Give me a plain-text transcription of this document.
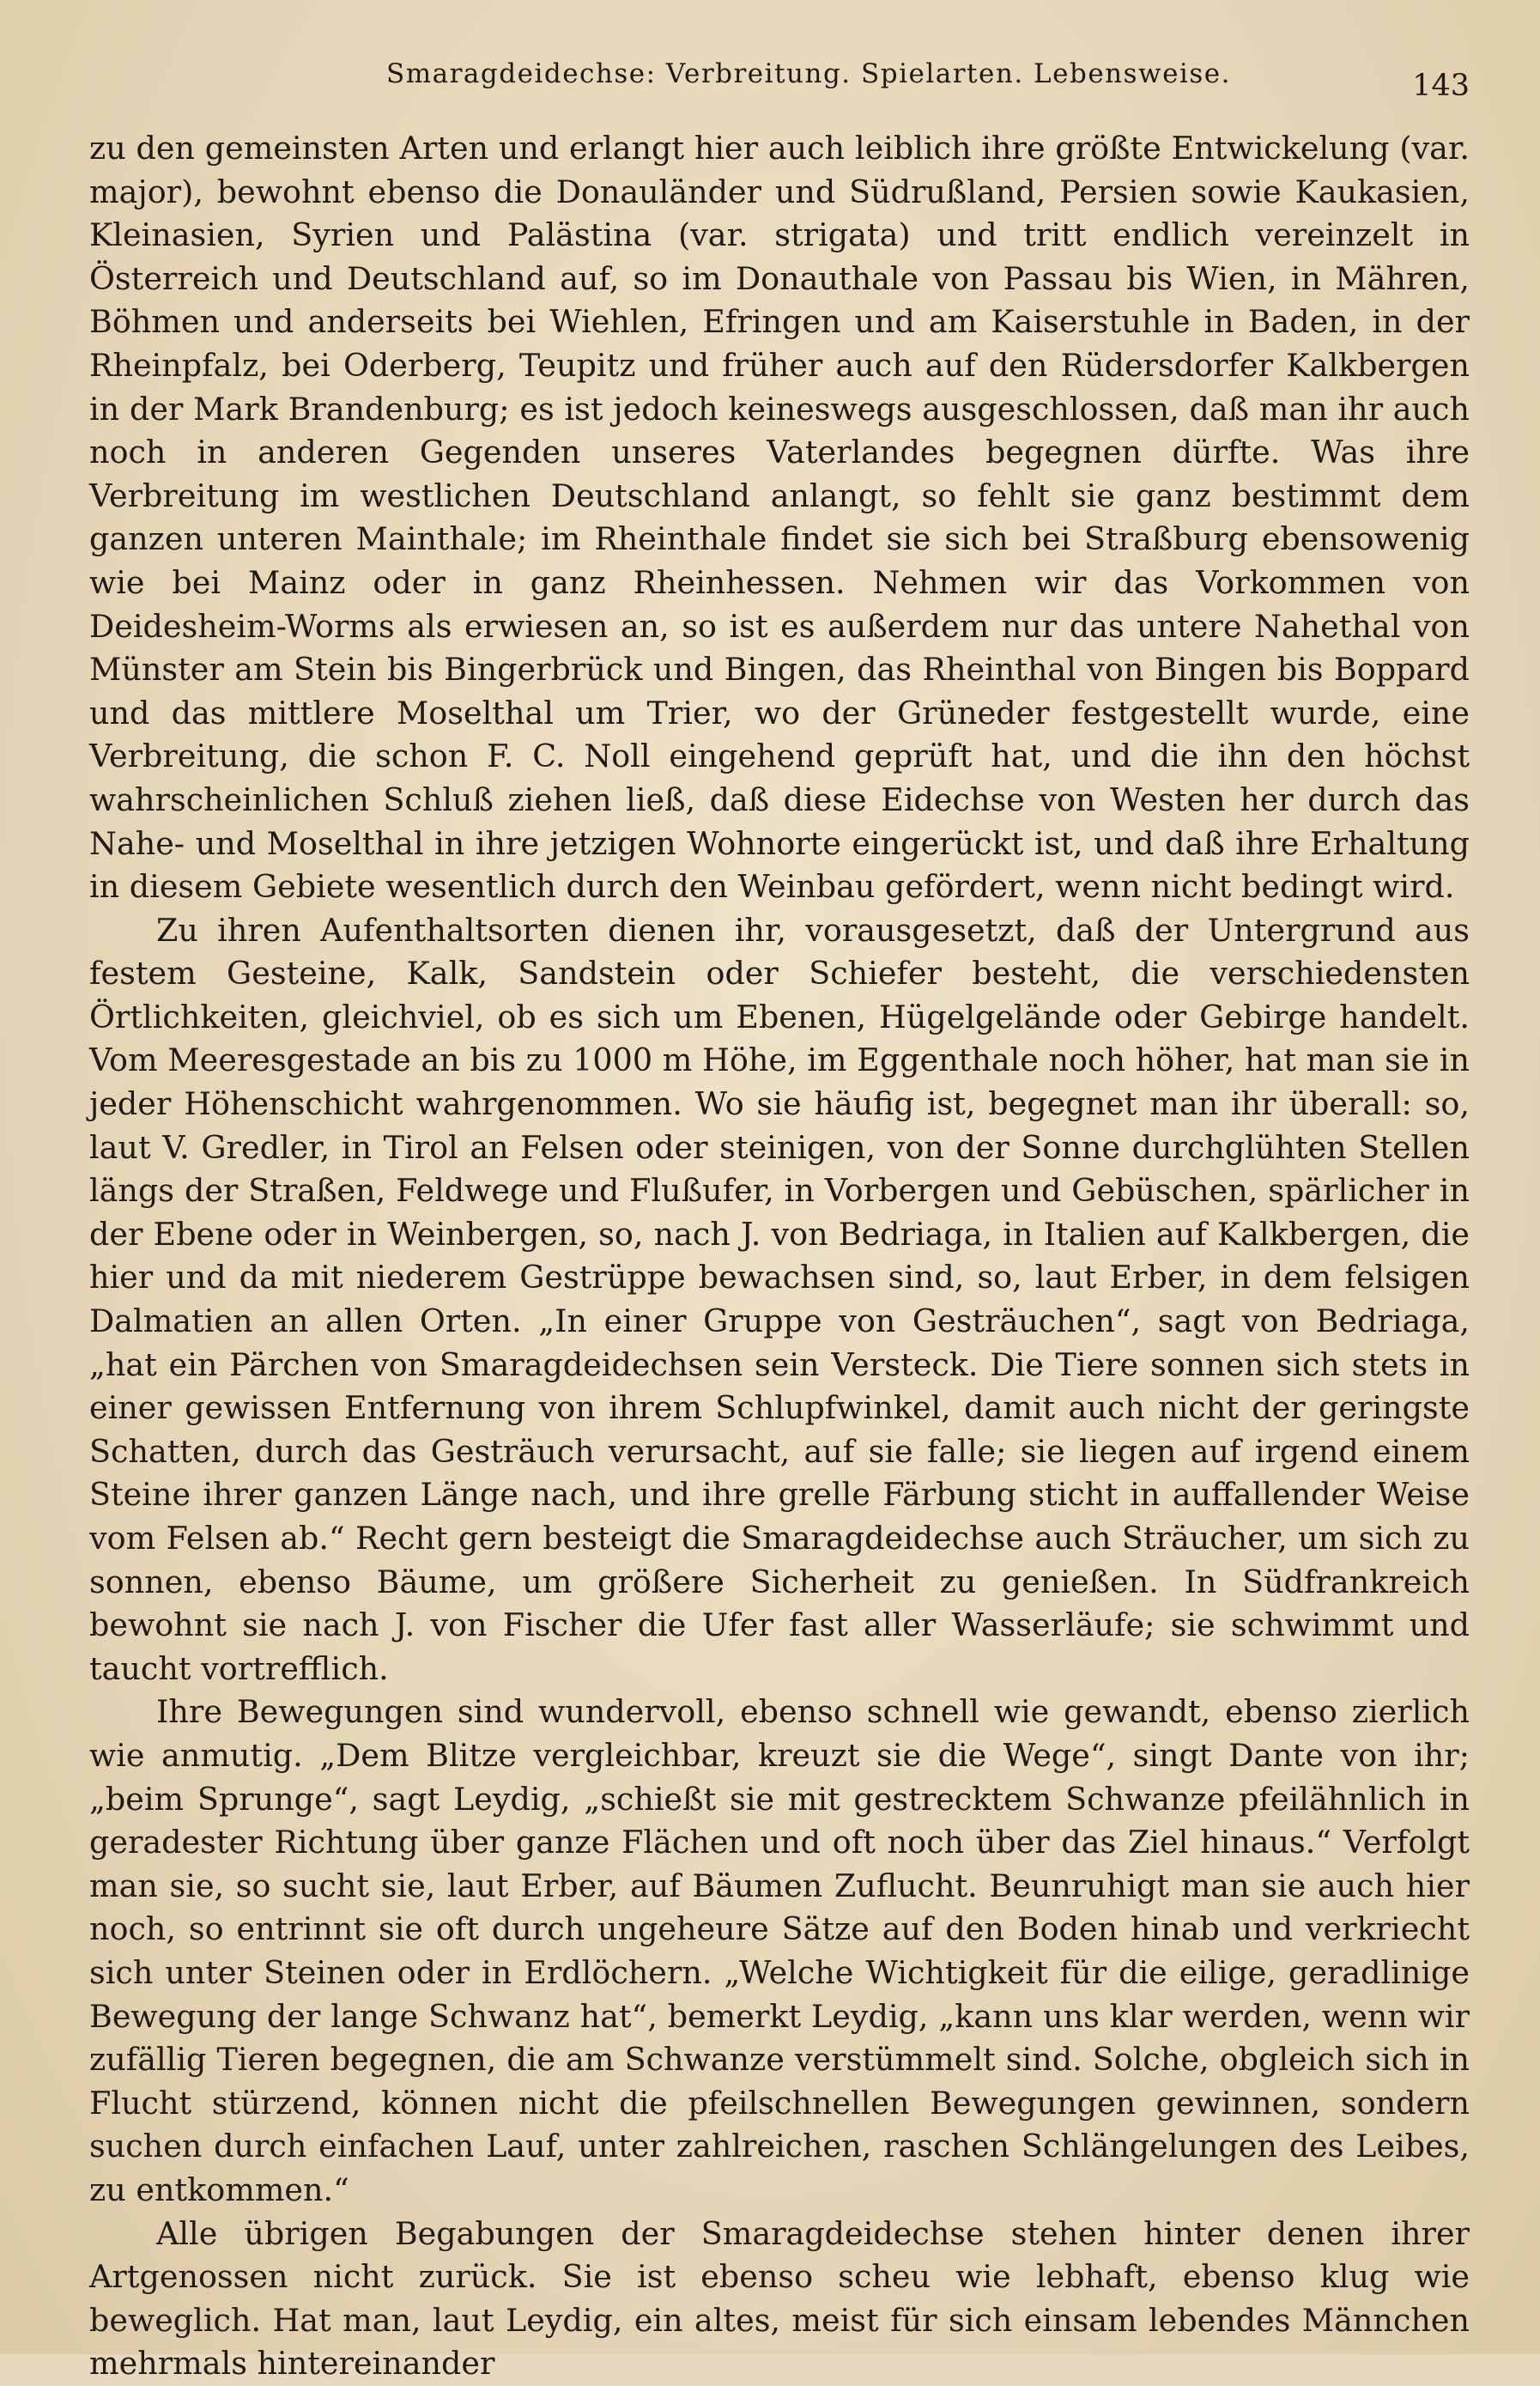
Smaragdeidechse: Verbreitung. Spielarten. Lebensweise.	143

zu den gemeinsten Arten und erlangt hier auch leiblich ihre größte Entwickelung (var. major), bewohnt ebenso die Donauländer und Südrußland, Persien sowie Kaukasien, Kleinasien, Syrien und Palästina (var. strigata) und tritt endlich vereinzelt in Österreich und Deutschland auf, so im Donauthale von Passau bis Wien, in Mähren, Böhmen und anderseits bei Wiehlen, Efringen und am Kaiserstuhle in Baden, in der Rheinpfalz, bei Oderberg, Teupitz und früher auch auf den Rüdersdorfer Kalkbergen in der Mark Brandenburg; es ist jedoch keineswegs ausgeschlossen, daß man ihr auch noch in anderen Gegenden unseres Vaterlandes begegnen dürfte. Was ihre Verbreitung im westlichen Deutschland anlangt, so fehlt sie ganz bestimmt dem ganzen unteren Mainthale; im Rheinthale findet sie sich bei Straßburg ebensowenig wie bei Mainz oder in ganz Rheinhessen. Nehmen wir das Vorkommen von Deidesheim-Worms als erwiesen an, so ist es außerdem nur das untere Nahethal von Münster am Stein bis Bingerbrück und Bingen, das Rheinthal von Bingen bis Boppard und das mittlere Moselthal um Trier, wo der Grüneder festgestellt wurde, eine Verbreitung, die schon F. C. Noll eingehend geprüft hat, und die ihn den höchst wahrscheinlichen Schluß ziehen ließ, daß diese Eidechse von Westen her durch das Nahe- und Moselthal in ihre jetzigen Wohnorte eingerückt ist, und daß ihre Erhaltung in diesem Gebiete wesentlich durch den Weinbau gefördert, wenn nicht bedingt wird.

Zu ihren Aufenthaltsorten dienen ihr, vorausgesetzt, daß der Untergrund aus festem Gesteine, Kalk, Sandstein oder Schiefer besteht, die verschiedensten Örtlichkeiten, gleichviel, ob es sich um Ebenen, Hügelgelände oder Gebirge handelt. Vom Meeresgestade an bis zu 1000 m Höhe, im Eggenthale noch höher, hat man sie in jeder Höhenschicht wahrgenommen. Wo sie häufig ist, begegnet man ihr überall: so, laut V. Gredler, in Tirol an Felsen oder steinigen, von der Sonne durchglühten Stellen längs der Straßen, Feldwege und Flußufer, in Vorbergen und Gebüschen, spärlicher in der Ebene oder in Weinbergen, so, nach J. von Bedriaga, in Italien auf Kalkbergen, die hier und da mit niederem Gestrüppe bewachsen sind, so, laut Erber, in dem felsigen Dalmatien an allen Orten. „In einer Gruppe von Gesträuchen“, sagt von Bedriaga, „hat ein Pärchen von Smaragdeidechsen sein Versteck. Die Tiere sonnen sich stets in einer gewissen Entfernung von ihrem Schlupfwinkel, damit auch nicht der geringste Schatten, durch das Gesträuch verursacht, auf sie falle; sie liegen auf irgend einem Steine ihrer ganzen Länge nach, und ihre grelle Färbung sticht in auffallender Weise vom Felsen ab.“ Recht gern besteigt die Smaragdeidechse auch Sträucher, um sich zu sonnen, ebenso Bäume, um größere Sicherheit zu genießen. In Südfrankreich bewohnt sie nach J. von Fischer die Ufer fast aller Wasserläufe; sie schwimmt und taucht vortrefflich.

Ihre Bewegungen sind wundervoll, ebenso schnell wie gewandt, ebenso zierlich wie anmutig. „Dem Blitze vergleichbar, kreuzt sie die Wege“, singt Dante von ihr; „beim Sprunge“, sagt Leydig, „schießt sie mit gestrecktem Schwanze pfeilähnlich in geradester Richtung über ganze Flächen und oft noch über das Ziel hinaus.“ Verfolgt man sie, so sucht sie, laut Erber, auf Bäumen Zuflucht. Beunruhigt man sie auch hier noch, so entrinnt sie oft durch ungeheure Sätze auf den Boden hinab und verkriecht sich unter Steinen oder in Erdlöchern. „Welche Wichtigkeit für die eilige, geradlinige Bewegung der lange Schwanz hat“, bemerkt Leydig, „kann uns klar werden, wenn wir zufällig Tieren begegnen, die am Schwanze verstümmelt sind. Solche, obgleich sich in Flucht stürzend, können nicht die pfeilschnellen Bewegungen gewinnen, sondern suchen durch einfachen Lauf, unter zahlreichen, raschen Schlängelungen des Leibes, zu entkommen.“

Alle übrigen Begabungen der Smaragdeidechse stehen hinter denen ihrer Artgenossen nicht zurück. Sie ist ebenso scheu wie lebhaft, ebenso klug wie beweglich. Hat man, laut Leydig, ein altes, meist für sich einsam lebendes Männchen mehrmals hintereinander
